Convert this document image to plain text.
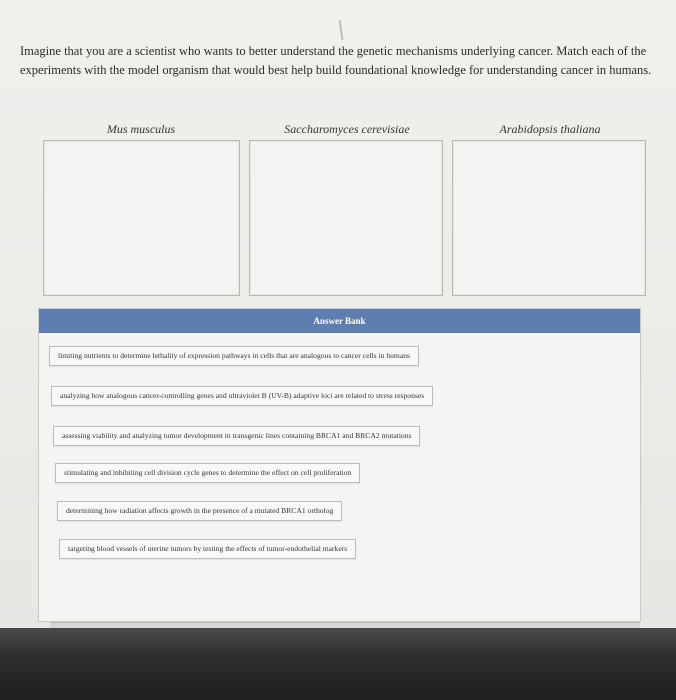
Imagine that you are a scientist who wants to better understand the genetic mechanisms underlying cancer. Match each of the experiments with the model organism that would best help build foundational knowledge for understanding cancer in humans.
Mus musculus	Saccharomyces cerevisiae	Arabidopsis thaliana
Answer Bank
limiting nutrients to determine lethality of expression pathways in cells that are analogous to cancer cells in humans
analyzing how analogous cancer-controlling genes and ultraviolet B (UV-B) adaptive loci are related to stress responses
assessing viability and analyzing tumor development in transgenic lines containing BRCA1 and BRCA2 mutations
stimulating and inhibiting cell division cycle genes to determine the effect on cell proliferation
determining how radiation affects growth in the presence of a mutated BRCA1 ortholog
targeting blood vessels of uterine tumors by testing the effects of tumor-endothelial markers
